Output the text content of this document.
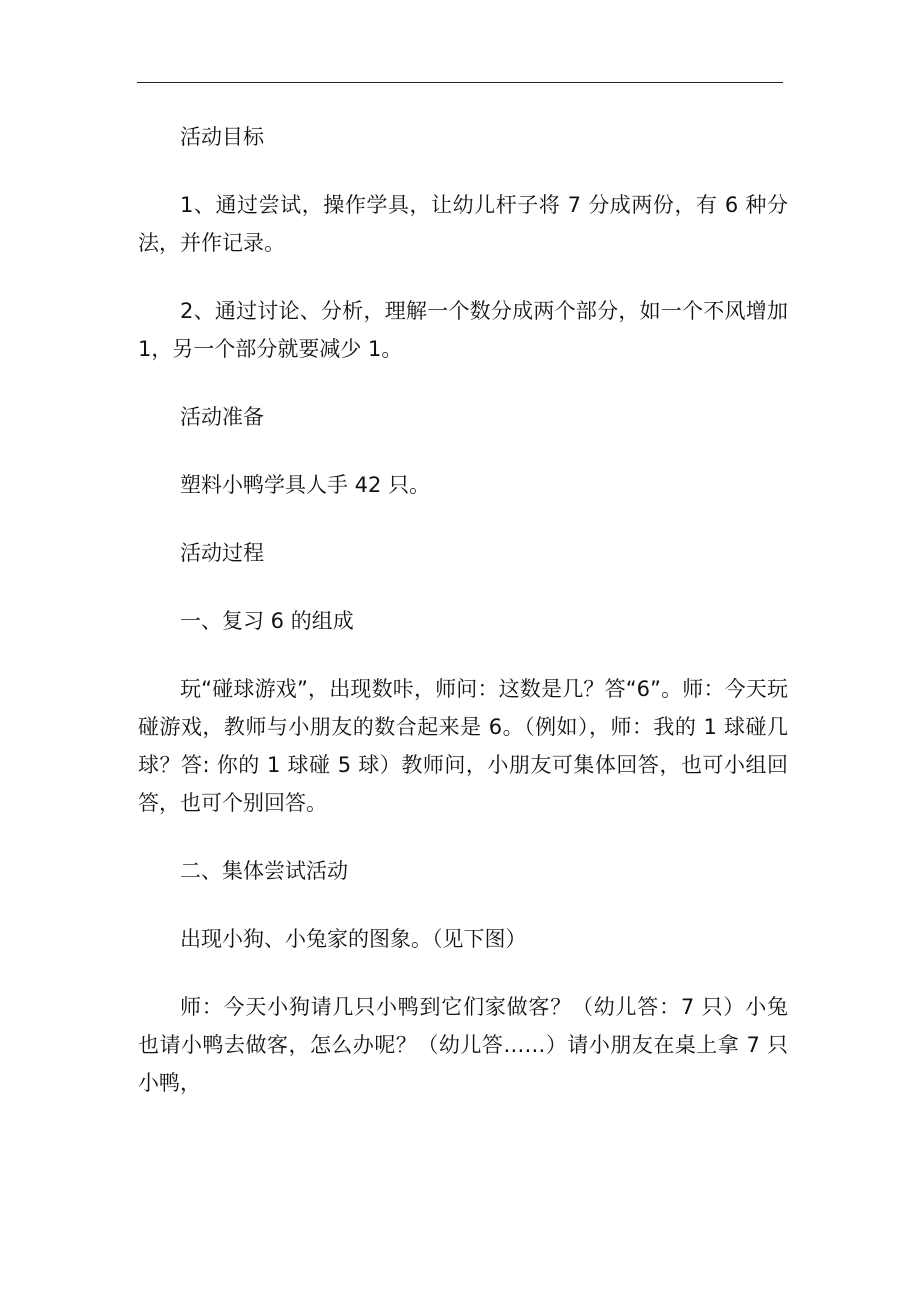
活动目标

1、通过尝试，操作学具，让幼儿杆子将 7 分成两份，有 6 种分法，并作记录。

2、通过讨论、分析，理解一个数分成两个部分，如一个不风增加 1，另一个部分就要减少 1。

活动准备

塑料小鸭学具人手 42 只。

活动过程

一、复习 6 的组成

玩“碰球游戏”，出现数咔，师问：这数是几？答“6”。师：今天玩碰游戏，教师与小朋友的数合起来是 6。（例如），师：我的 1 球碰几球？答: 你的 1 球碰 5 球）教师问，小朋友可集体回答，也可小组回答，也可个别回答。

二、集体尝试活动

出现小狗、小兔家的图象。（见下图）

师：今天小狗请几只小鸭到它们家做客？（幼儿答：7 只）小兔也请小鸭去做客，怎么办呢？（幼儿答……）请小朋友在桌上拿 7 只小鸭，
